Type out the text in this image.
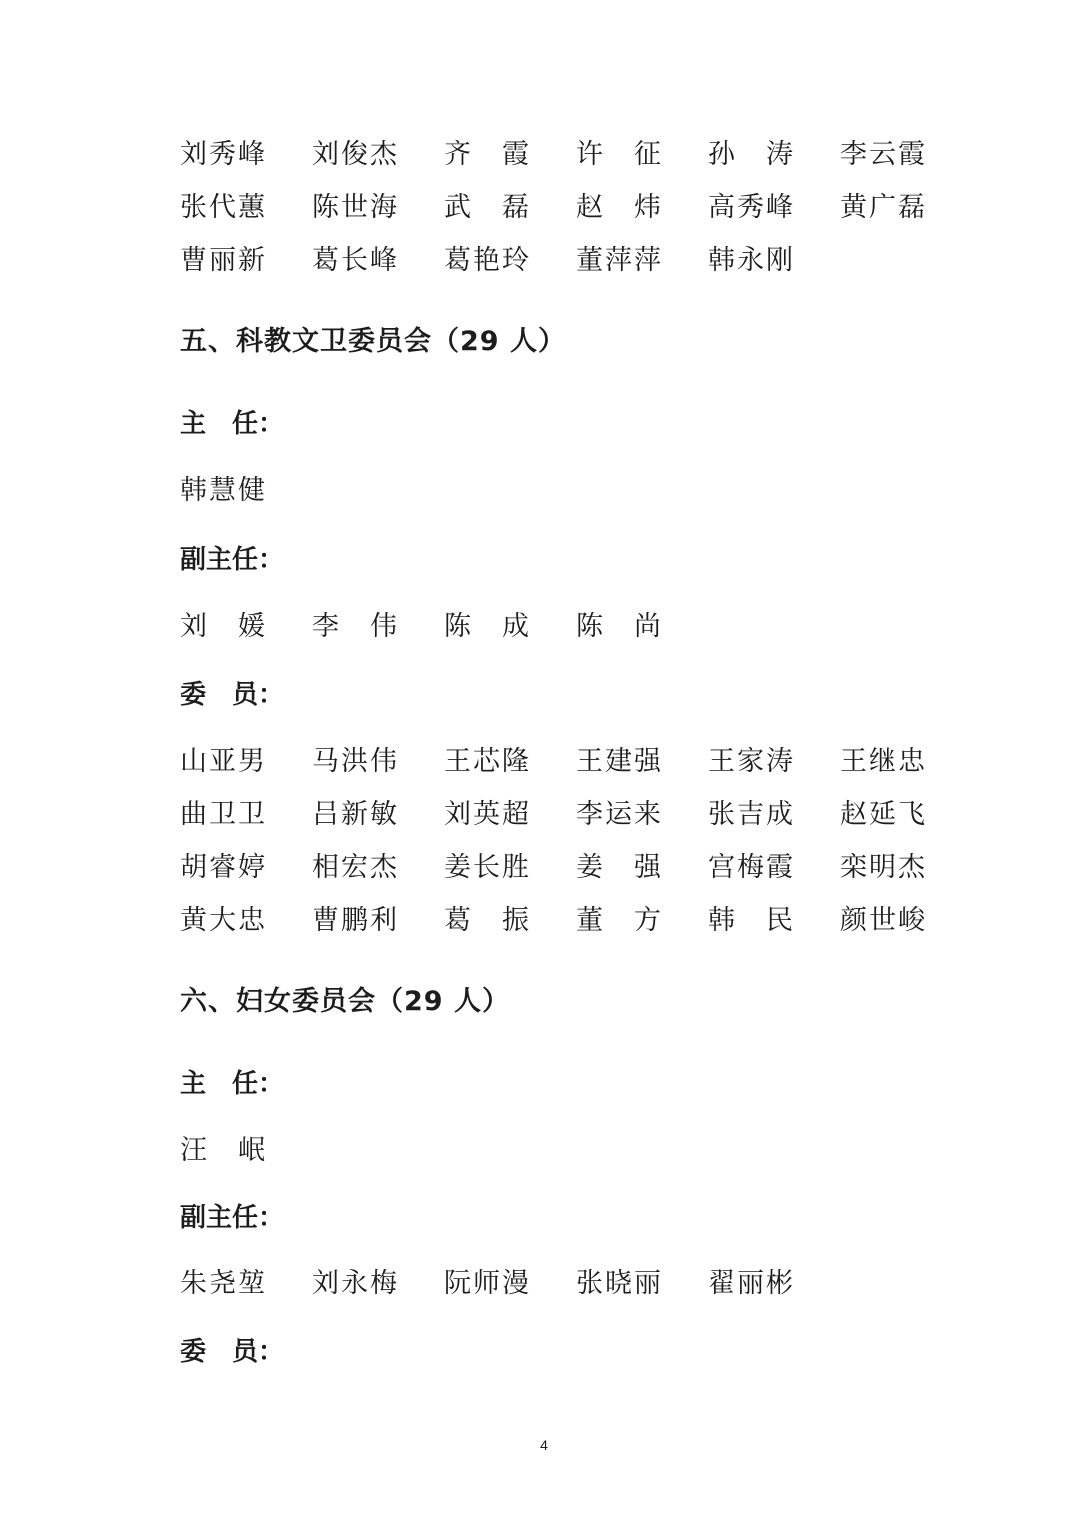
刘秀峰	刘俊杰	齐　霞	许　征	孙　涛	李云霞
张代蕙	陈世海	武　磊	赵　炜	高秀峰	黄广磊
曹丽新	葛长峰	葛艳玲	董萍萍	韩永刚
五、科教文卫委员会（29 人）
主　任：
韩慧健
副主任：
刘　媛	李　伟	陈　成	陈　尚
委　员：
山亚男	马洪伟	王芯隆	王建强	王家涛	王继忠
曲卫卫	吕新敏	刘英超	李运来	张吉成	赵延飞
胡睿婷	相宏杰	姜长胜	姜　强	宫梅霞	栾明杰
黄大忠	曹鹏利	葛　振	董　方	韩　民	颜世峻
六、妇女委员会（29 人）
主　任：
汪　岷
副主任：
朱尧堃	刘永梅	阮师漫	张晓丽	翟丽彬
委　员：
4
